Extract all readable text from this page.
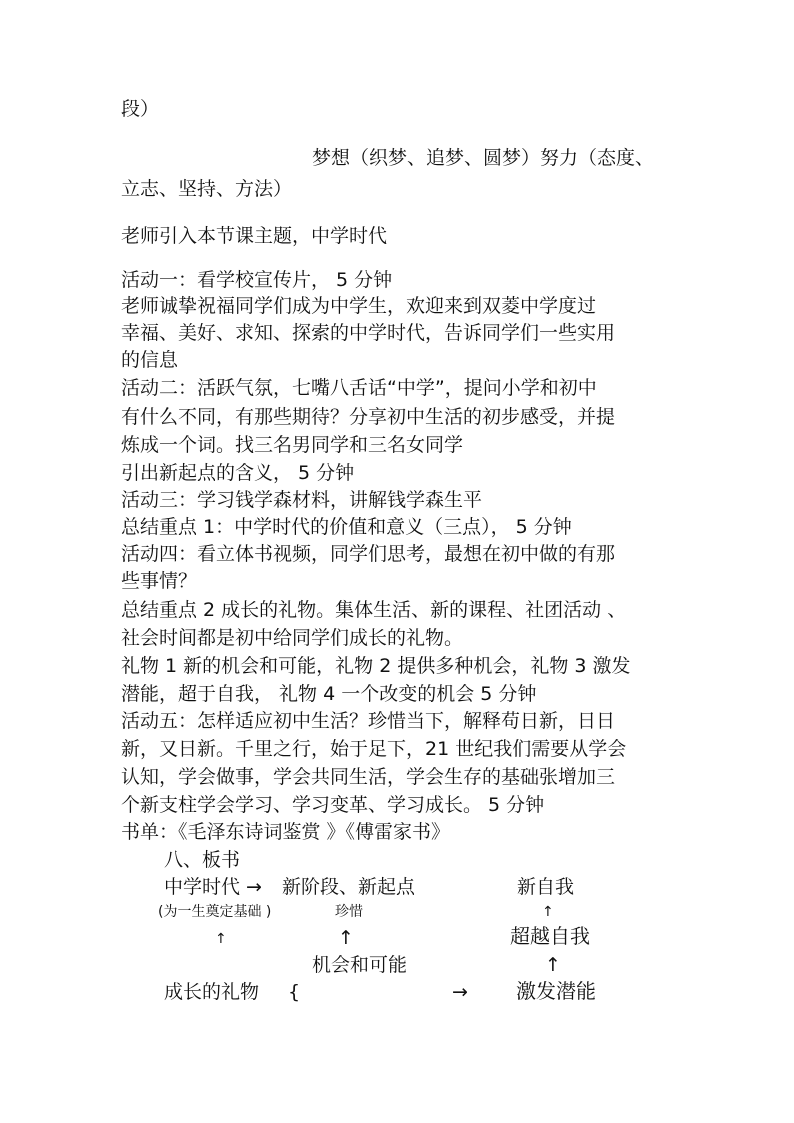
段）
梦想（织梦、追梦、圆梦）努力（态度、
立志、坚持、方法）
老师引入本节课主题，中学时代
活动一：看学校宣传片， 5 分钟
老师诚挚祝福同学们成为中学生，欢迎来到双菱中学度过
幸福、美好、求知、探索的中学时代，告诉同学们一些实用
的信息
活动二：活跃气氛，七嘴八舌话“中学”，提问小学和初中
有什么不同，有那些期待？分享初中生活的初步感受，并提
炼成一个词。找三名男同学和三名女同学
引出新起点的含义， 5 分钟
活动三：学习钱学森材料，讲解钱学森生平
总结重点 1：中学时代的价值和意义（三点）， 5 分钟
活动四：看立体书视频，同学们思考，最想在初中做的有那
些事情？
总结重点 2 成长的礼物。集体生活、新的课程、社团活动 、
社会时间都是初中给同学们成长的礼物。
礼物 1 新的机会和可能，礼物 2 提供多种机会，礼物 3 激发
潜能，超于自我， 礼物 4 一个改变的机会 5 分钟
活动五：怎样适应初中生活？珍惜当下，解释苟日新，日日
新，又日新。千里之行，始于足下，21 世纪我们需要从学会
认知，学会做事，学会共同生活，学会生存的基础张增加三
个新支柱学会学习、学习变革、学习成长。 5 分钟
书单：《毛泽东诗词鉴赏 》《傅雷家书》
八、板书
中学时代 → 新阶段、新起点	新自我
(为一生奠定基础 )	珍惜	↑
↑	↑	超越自我
机会和可能	↑
成长的礼物 {	→ 激发潜能
